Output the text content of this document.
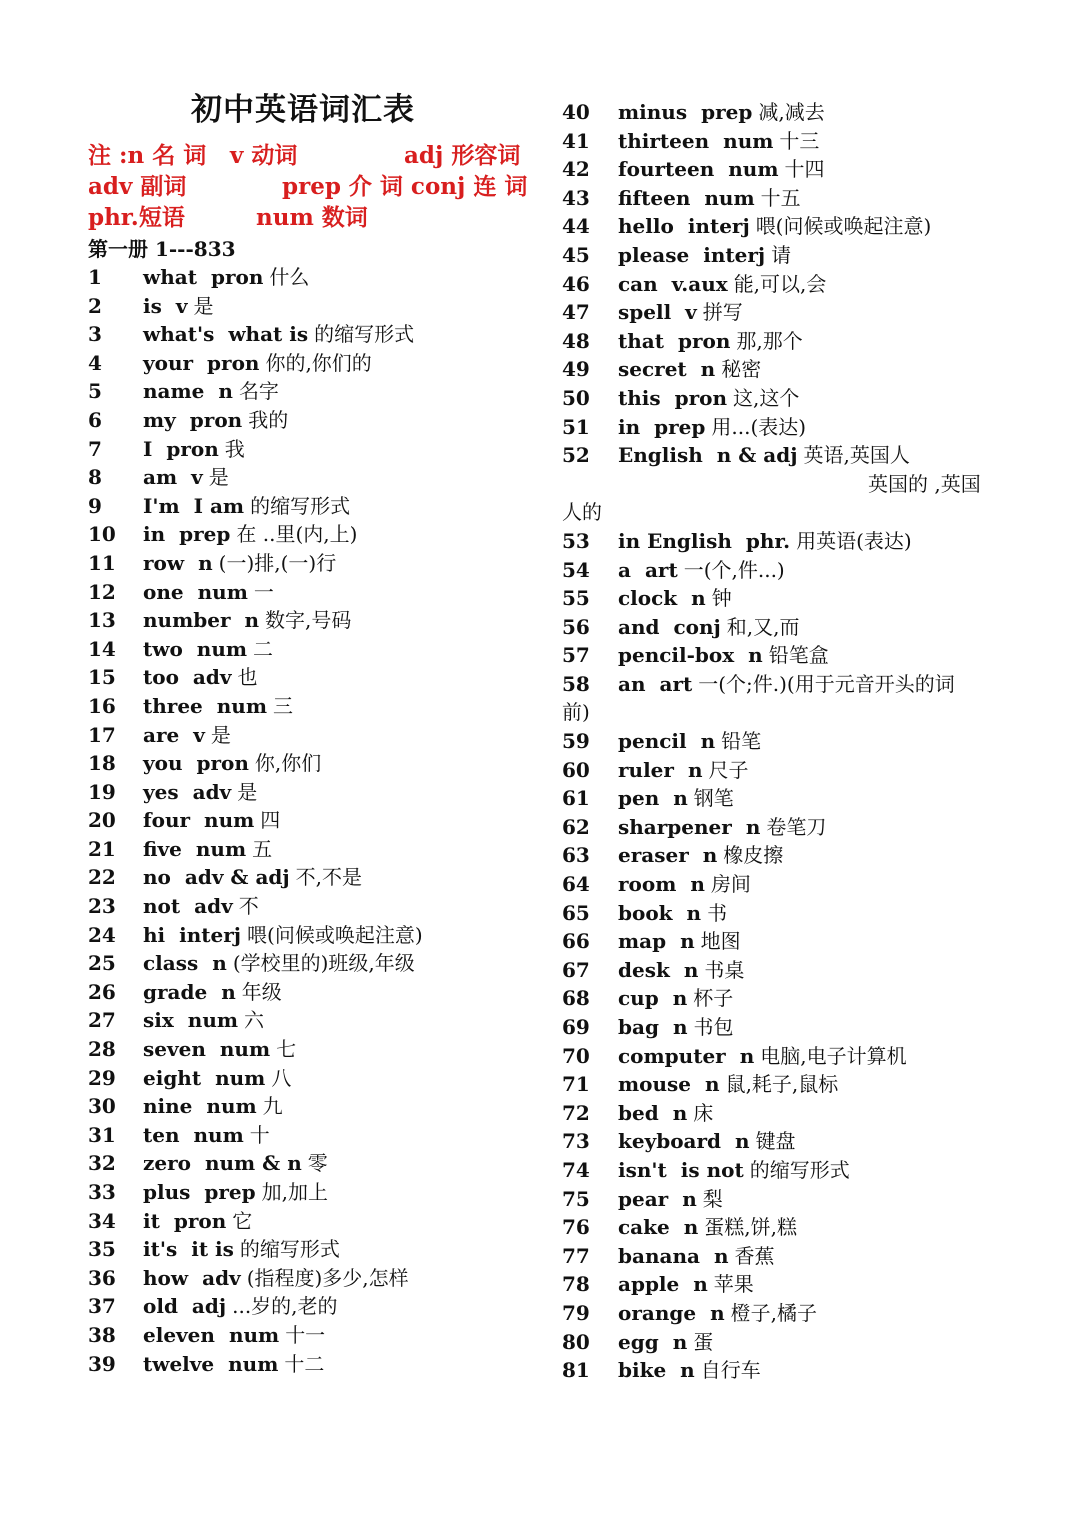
初中英语词汇表
注 :n 名 词 v 动词	adj 形容词
adv 副词	prep 介 词 conj 连 词
phr.短语	num 数词
第一册 1---833
1 what pron 什么
2 is v 是
3 what's what is 的缩写形式
4 your pron 你的,你们的
5 name n 名字
6 my pron 我的
7 I pron 我
8 am v 是
9 I'm I am 的缩写形式
10 in prep 在 ..里(内,上)
11 row n (一)排,(一)行
12 one num 一
13 number n 数字,号码
14 two num 二
15 too adv 也
16 three num 三
17 are v 是
18 you pron 你,你们
19 yes adv 是
20 four num 四
21 five num 五
22 no adv & adj 不,不是
23 not adv 不
24 hi interj 喂(问候或唤起注意)
25 class n (学校里的)班级,年级
26 grade n 年级
27 six num 六
28 seven num 七
29 eight num 八
30 nine num 九
31 ten num 十
32 zero num & n 零
33 plus prep 加,加上
34 it pron 它
35 it's it is 的缩写形式
36 how adv (指程度)多少,怎样
37 old adj ...岁的,老的
38 eleven num 十一
39 twelve num 十二
40 minus prep 减,减去
41 thirteen num 十三
42 fourteen num 十四
43 fifteen num 十五
44 hello interj 喂(问候或唤起注意)
45 please interj 请
46 can v.aux 能,可以,会
47 spell v 拼写
48 that pron 那,那个
49 secret n 秘密
50 this pron 这,这个
51 in prep 用...(表达)
52 English n & adj 英语,英国人
英国的 ,英国
人的
53 in English phr. 用英语(表达)
54 a art 一(个,件...)
55 clock n 钟
56 and conj 和,又,而
57 pencil-box n 铅笔盒
58 an art 一(个;件.)(用于元音开头的词
前)
59 pencil n 铅笔
60 ruler n 尺子
61 pen n 钢笔
62 sharpener n 卷笔刀
63 eraser n 橡皮擦
64 room n 房间
65 book n 书
66 map n 地图
67 desk n 书桌
68 cup n 杯子
69 bag n 书包
70 computer n 电脑,电子计算机
71 mouse n 鼠,耗子,鼠标
72 bed n 床
73 keyboard n 键盘
74 isn't is not 的缩写形式
75 pear n 梨
76 cake n 蛋糕,饼,糕
77 banana n 香蕉
78 apple n 苹果
79 orange n 橙子,橘子
80 egg n 蛋
81 bike n 自行车
